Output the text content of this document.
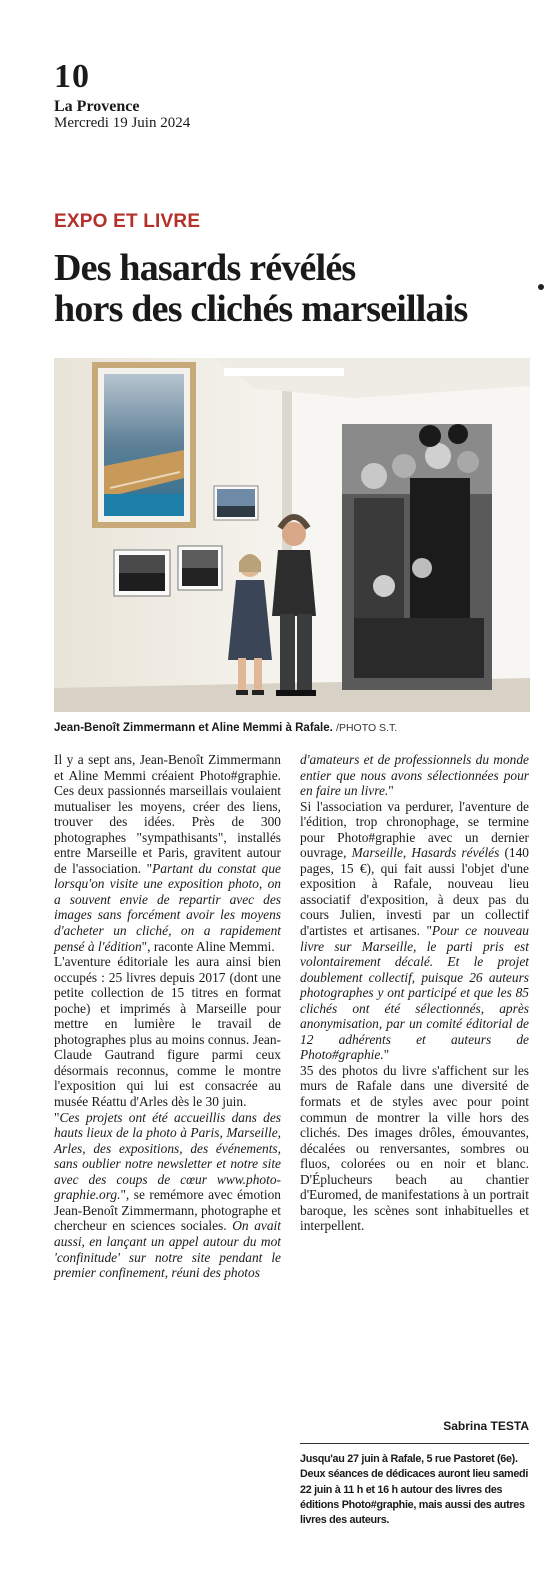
10
La Provence
Mercredi 19 Juin 2024
EXPO ET LIVRE
Des hasards révélés
hors des clichés marseillais
Jean-Benoît Zimmermann et Aline Memmi à Rafale. /PHOTO S.T.

Il y a sept ans, Jean-Benoît Zimmermann et Aline Memmi créaient Photo#graphie. Ces deux passionnés marseillais voulaient mutualiser les moyens, créer des liens, trouver des idées. Près de 300 photographes "sympathisants", installés entre Marseille et Paris, gravitent autour de l'association. "Partant du constat que lorsqu'on visite une exposition photo, on a souvent envie de repartir avec des images sans forcément avoir les moyens d'acheter un cliché, on a rapidement pensé à l'édition", raconte Aline Memmi.

L'aventure éditoriale les aura ainsi bien occupés : 25 livres depuis 2017 (dont une petite collection de 15 titres en format poche) et imprimés à Marseille pour mettre en lumière le travail de photographes plus au moins connus. Jean-Claude Gautrand figure parmi ceux désormais reconnus, comme le montre l'exposition qui lui est consacrée au musée Réattu d'Arles dès le 30 juin.

"Ces projets ont été accueillis dans des hauts lieux de la photo à Paris, Marseille, Arles, des expositions, des événements, sans oublier notre newsletter et notre site avec des coups de cœur www.photo-graphie.org.", se remémore avec émotion Jean-Benoît Zimmermann, photographe et chercheur en sciences sociales. On avait aussi, en lançant un appel autour du mot 'confinitude' sur notre site pendant le premier confinement, réuni des photos

d'amateurs et de professionnels du monde entier que nous avons sélectionnées pour en faire un livre."

Si l'association va perdurer, l'aventure de l'édition, trop chronophage, se termine pour Photo#graphie avec un dernier ouvrage, Marseille, Hasards révélés (140 pages, 15 €), qui fait aussi l'objet d'une exposition à Rafale, nouveau lieu associatif d'exposition, à deux pas du cours Julien, investi par un collectif d'artistes et artisanes. "Pour ce nouveau livre sur Marseille, le parti pris est volontairement décalé. Et le projet doublement collectif, puisque 26 auteurs photographes y ont participé et que les 85 clichés ont été sélectionnés, après anonymisation, par un comité éditorial de 12 adhérents et auteurs de Photo#graphie."

35 des photos du livre s'affichent sur les murs de Rafale dans une diversité de formats et de styles avec pour point commun de montrer la ville hors des clichés. Des images drôles, émouvantes, décalées ou renversantes, sombres ou fluos, colorées ou en noir et blanc. D'Éplucheurs beach au chantier d'Euromed, de manifestations à un portrait baroque, les scènes sont inhabituelles et interpellent.

Sabrina TESTA
Jusqu'au 27 juin à Rafale, 5 rue Pastoret (6e). Deux séances de dédicaces auront lieu samedi 22 juin à 11 h et 16 h autour des livres des éditions Photo#graphie, mais aussi des autres livres des auteurs.
